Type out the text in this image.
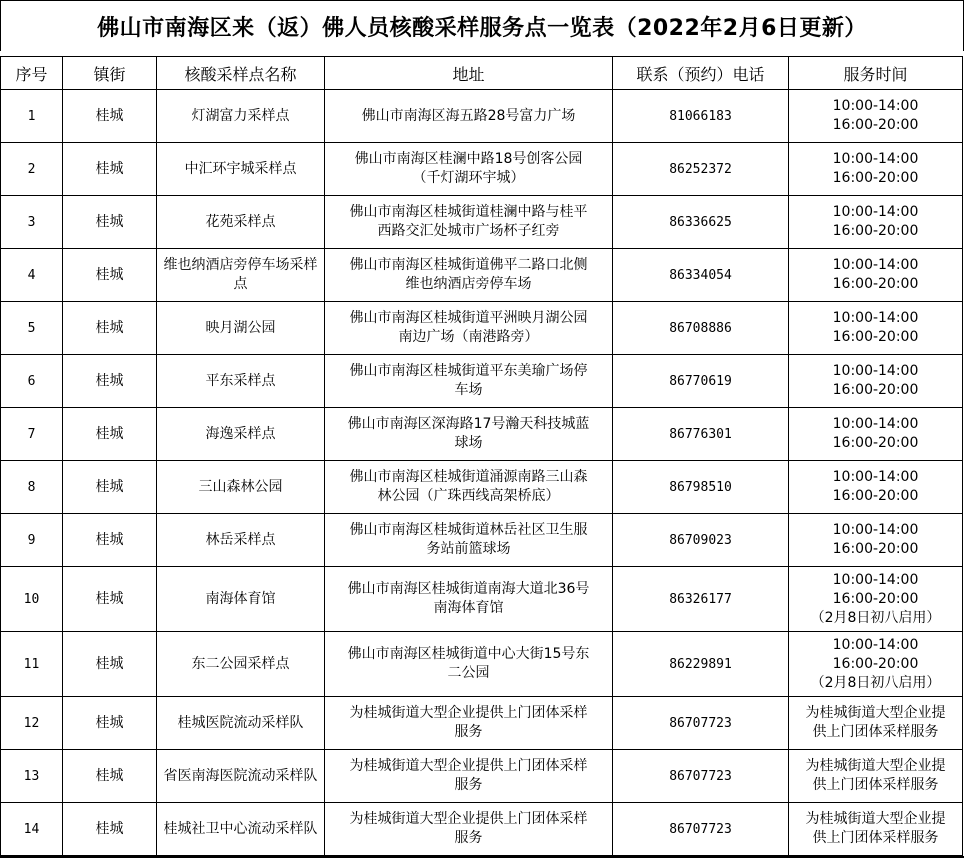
佛山市南海区来（返）佛人员核酸采样服务点一览表（2022年2月6日更新）
序号	镇街	核酸采样点名称	地址	联系（预约）电话	服务时间
1	桂城	灯湖富力采样点	佛山市南海区海五路28号富力广场	81066183	10:00-14:00
16:00-20:00

2	桂城	中汇环宇城采样点	佛山市南海区桂澜中路18号创客公园
（千灯湖环宇城）	86252372	10:00-14:00
16:00-20:00

3	桂城	花苑采样点	佛山市南海区桂城街道桂澜中路与桂平
西路交汇处城市广场杯子红旁	86336625	10:00-14:00
16:00-20:00

4	桂城	维也纳酒店旁停车场采样点	佛山市南海区桂城街道佛平二路口北侧
维也纳酒店旁停车场	86334054	10:00-14:00
16:00-20:00

5	桂城	映月湖公园	佛山市南海区桂城街道平洲映月湖公园
南边广场（南港路旁）	86708886	10:00-14:00
16:00-20:00

6	桂城	平东采样点	佛山市南海区桂城街道平东美瑜广场停
车场	86770619	10:00-14:00
16:00-20:00

7	桂城	海逸采样点	佛山市南海区深海路17号瀚天科技城蓝
球场	86776301	10:00-14:00
16:00-20:00

8	桂城	三山森林公园	佛山市南海区桂城街道涌源南路三山森
林公园（广珠西线高架桥底）	86798510	10:00-14:00
16:00-20:00

9	桂城	林岳采样点	佛山市南海区桂城街道林岳社区卫生服
务站前篮球场	86709023	10:00-14:00
16:00-20:00

10	桂城	南海体育馆	佛山市南海区桂城街道南海大道北36号
南海体育馆	86326177	10:00-14:00
16:00-20:00
（2月8日初八启用）

11	桂城	东二公园采样点	佛山市南海区桂城街道中心大街15号东
二公园	86229891	10:00-14:00
16:00-20:00
（2月8日初八启用）

12	桂城	桂城医院流动采样队	为桂城街道大型企业提供上门团体采样
服务	86707723	为桂城街道大型企业提
供上门团体采样服务

13	桂城	省医南海医院流动采样队	为桂城街道大型企业提供上门团体采样
服务	86707723	为桂城街道大型企业提
供上门团体采样服务

14	桂城	桂城社卫中心流动采样队	为桂城街道大型企业提供上门团体采样
服务	86707723	为桂城街道大型企业提
供上门团体采样服务
